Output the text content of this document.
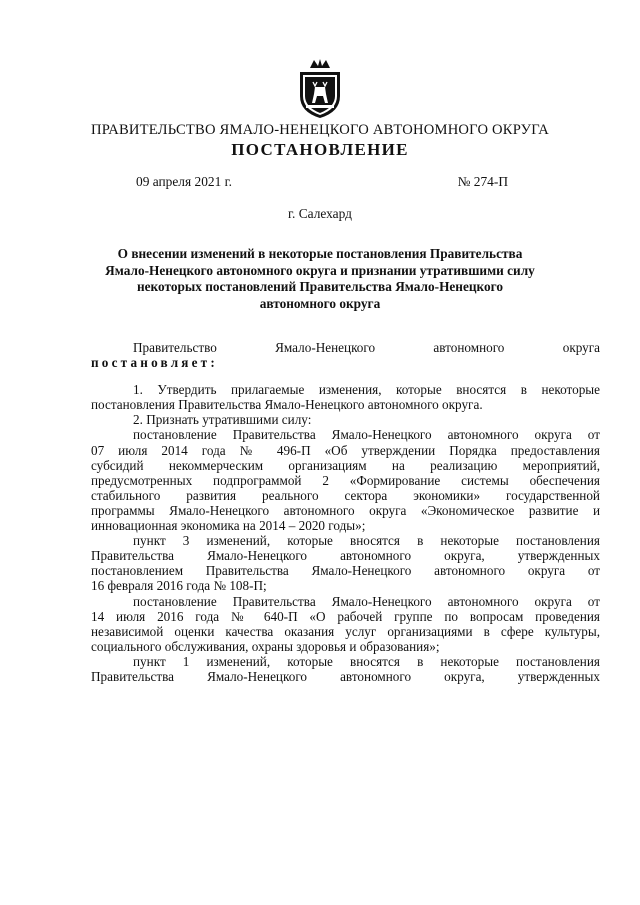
ПРАВИТЕЛЬСТВО ЯМАЛО-НЕНЕЦКОГО АВТОНОМНОГО ОКРУГА
ПОСТАНОВЛЕНИЕ
09 апреля 2021 г.	№ 274-П
г. Салехард
О внесении изменений в некоторые постановления Правительства
Ямало-Ненецкого автономного округа и признании утратившими силу
некоторых постановлений Правительства Ямало-Ненецкого
автономного округа
Правительство Ямало-Ненецкого автономного округа
постановляет:
1. Утвердить прилагаемые изменения, которые вносятся в некоторые
постановления Правительства Ямало-Ненецкого автономного округа.
2. Признать утратившими силу:
постановление Правительства Ямало-Ненецкого автономного округа от
07 июля 2014 года № 496-П «Об утверждении Порядка предоставления
субсидий некоммерческим организациям на реализацию мероприятий,
предусмотренных подпрограммой 2 «Формирование системы обеспечения
стабильного развития реального сектора экономики» государственной
программы Ямало-Ненецкого автономного округа «Экономическое развитие и
инновационная экономика на 2014 – 2020 годы»;
пункт 3 изменений, которые вносятся в некоторые постановления
Правительства Ямало-Ненецкого автономного округа, утвержденных
постановлением Правительства Ямало-Ненецкого автономного округа от
16 февраля 2016 года № 108-П;
постановление Правительства Ямало-Ненецкого автономного округа от
14 июля 2016 года № 640-П «О рабочей группе по вопросам проведения
независимой оценки качества оказания услуг организациями в сфере культуры,
социального обслуживания, охраны здоровья и образования»;
пункт 1 изменений, которые вносятся в некоторые постановления
Правительства Ямало-Ненецкого автономного округа, утвержденных
